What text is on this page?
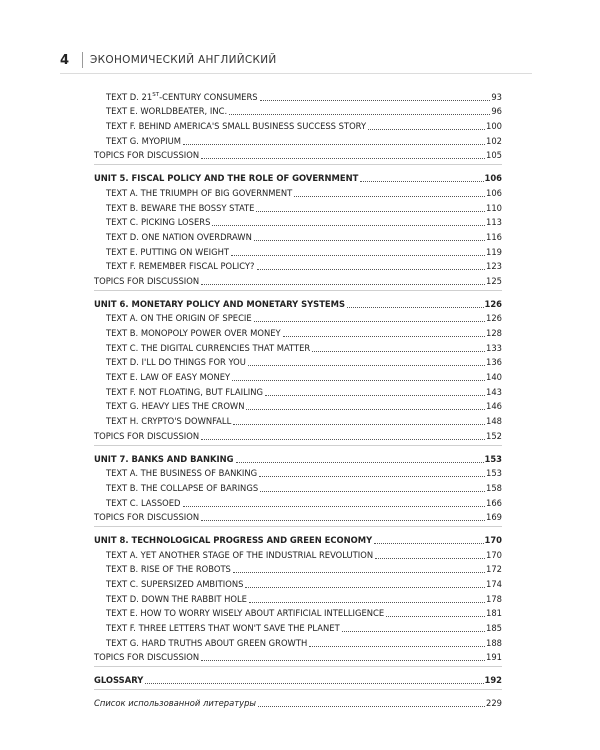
4	ЭКОНОМИЧЕСКИЙ АНГЛИЙСКИЙ
TEXT D. 21ST-CENTURY CONSUMERS	93
TEXT E. WORLDBEATER, INC.	96
TEXT F. BEHIND AMERICA'S SMALL BUSINESS SUCCESS STORY	100
TEXT G. MYOPIUM	102
TOPICS FOR DISCUSSION	105
UNIT 5. FISCAL POLICY AND THE ROLE OF GOVERNMENT	106
TEXT A. THE TRIUMPH OF BIG GOVERNMENT	106
TEXT B. BEWARE THE BOSSY STATE	110
TEXT C. PICKING LOSERS	113
TEXT D. ONE NATION OVERDRAWN	116
TEXT E. PUTTING ON WEIGHT	119
TEXT F. REMEMBER FISCAL POLICY?	123
TOPICS FOR DISCUSSION	125
UNIT 6. MONETARY POLICY AND MONETARY SYSTEMS	126
TEXT A. ON THE ORIGIN OF SPECIE	126
TEXT B. MONOPOLY POWER OVER MONEY	128
TEXT C. THE DIGITAL CURRENCIES THAT MATTER	133
TEXT D. I'LL DO THINGS FOR YOU	136
TEXT E. LAW OF EASY MONEY	140
TEXT F. NOT FLOATING, BUT FLAILING	143
TEXT G. HEAVY LIES THE CROWN	146
TEXT H. CRYPTO'S DOWNFALL	148
TOPICS FOR DISCUSSION	152
UNIT 7. BANKS AND BANKING	153
TEXT A. THE BUSINESS OF BANKING	153
TEXT B. THE COLLAPSE OF BARINGS	158
TEXT C. LASSOED	166
TOPICS FOR DISCUSSION	169
UNIT 8. TECHNOLOGICAL PROGRESS AND GREEN ECONOMY	170
TEXT A. YET ANOTHER STAGE OF THE INDUSTRIAL REVOLUTION	170
TEXT B. RISE OF THE ROBOTS	172
TEXT C. SUPERSIZED AMBITIONS	174
TEXT D. DOWN THE RABBIT HOLE	178
TEXT E. HOW TO WORRY WISELY ABOUT ARTIFICIAL INTELLIGENCE	181
TEXT F. THREE LETTERS THAT WON'T SAVE THE PLANET	185
TEXT G. HARD TRUTHS ABOUT GREEN GROWTH	188
TOPICS FOR DISCUSSION	191
GLOSSARY	192
Список использованной литературы	229
